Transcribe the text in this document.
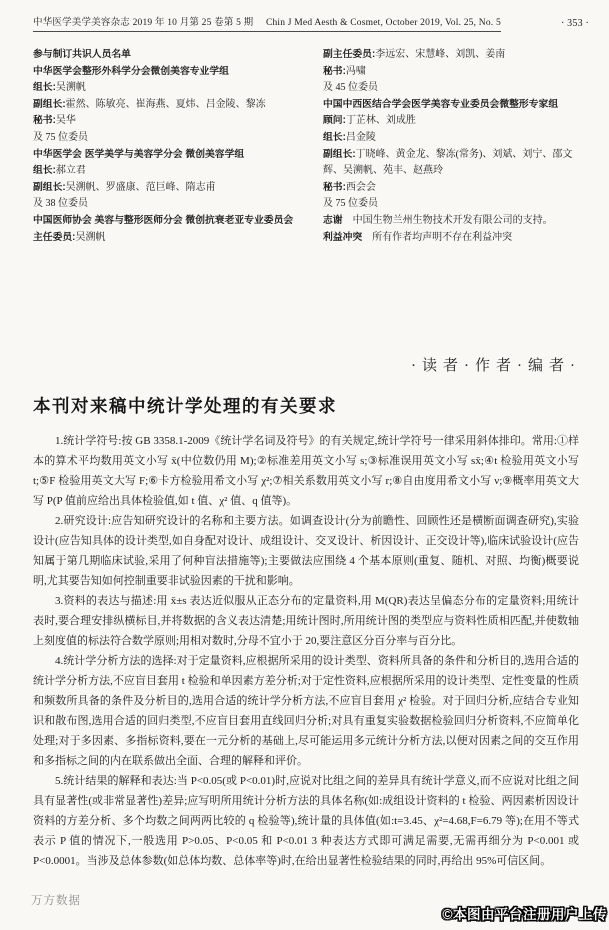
中华医学美学美容杂志 2019 年 10 月第 25 卷第 5 期 Chin J Med Aesth & Cosmet, October 2019, Vol. 25, No. 5	· 353 ·

参与制订共识人员名单

中华医学会整形外科学分会微创美容专业学组

组长:吴溯帆

副组长:霍然、陈敏亮、崔海燕、夏炜、吕金陵、黎冻

秘书:吴华

及 75 位委员

中华医学会 医学美学与美容学分会 微创美容学组

组长:郝立君

副组长:吴溯帆、罗盛康、范巨峰、隋志甫

及 38 位委员

中国医师协会 美容与整形医师分会 微创抗衰老亚专业委员会

主任委员:吴溯帆

副主任委员:李远宏、宋慧峰、刘凯、姜南

秘书:冯嘨

及 45 位委员

中国中西医结合学会医学美容专业委员会微整形专家组

顾问:丁芷林、刘成胜

组长:吕金陵

副组长:丁晓峰、黄金龙、黎冻(常务)、刘斌、刘宁、邵文辉、吴溯帆、苑丰、赵燕玲

秘书:西会会

及 75 位委员

志谢　中国生物兰州生物技术开发有限公司的支持。

利益冲突　所有作者均声明不存在利益冲突

·读者·作者·编者·
本刊对来稿中统计学处理的有关要求

1.统计学符号:按 GB 3358.1-2009《统计学名词及符号》的有关规定,统计学符号一律采用斜体排印。常用:①样本的算术平均数用英文小写 x̄(中位数仍用 M);②标准差用英文小写 s;③标准误用英文小写 sx̄;④t 检验用英文小写 t;⑤F 检验用英文大写 F;⑥卡方检验用希文小写 χ²;⑦相关系数用英文小写 r;⑧自由度用希文小写 ν;⑨概率用英文大写 P(P 值前应给出具体检验值,如 t 值、χ² 值、q 值等)。

2.研究设计:应告知研究设计的名称和主要方法。如调查设计(分为前瞻性、回顾性还是横断面调查研究),实验设计(应告知具体的设计类型,如自身配对设计、成组设计、交叉设计、析因设计、正交设计等),临床试验设计(应告知属于第几期临床试验,采用了何种盲法措施等);主要做法应围绕 4 个基本原则(重复、随机、对照、均衡)概要说明,尤其要告知如何控制重要非试验因素的干扰和影响。

3.资料的表达与描述:用 x̄±s 表达近似服从正态分布的定量资料,用 M(QR)表达呈偏态分布的定量资料;用统计表时,要合理安排纵横标目,并将数据的含义表达清楚;用统计图时,所用统计图的类型应与资料性质相匹配,并使数轴上刻度值的标法符合数学原则;用相对数时,分母不宜小于 20,要注意区分百分率与百分比。

4.统计学分析方法的选择:对于定量资料,应根据所采用的设计类型、资料所具备的条件和分析目的,选用合适的统计学分析方法,不应盲目套用 t 检验和单因素方差分析;对于定性资料,应根据所采用的设计类型、定性变量的性质和频数所具备的条件及分析目的,选用合适的统计学分析方法,不应盲目套用 χ² 检验。对于回归分析,应结合专业知识和散布图,选用合适的回归类型,不应盲目套用直线回归分析;对具有重复实验数据检验回归分析资料,不应简单化处理;对于多因素、多指标资料,要在一元分析的基础上,尽可能运用多元统计分析方法,以便对因素之间的交互作用和多指标之间的内在联系做出全面、合理的解释和评价。

5.统计结果的解释和表达:当 P<0.05(或 P<0.01)时,应说对比组之间的差异具有统计学意义,而不应说对比组之间具有显著性(或非常显著性)差异;应写明所用统计分析方法的具体名称(如:成组设计资料的 t 检验、两因素析因设计资料的方差分析、多个均数之间两两比较的 q 检验等),统计量的具体值(如:t=3.45、χ²=4.68,F=6.79 等);在用不等式表示 P 值的情况下,一般选用 P>0.05、P<0.05 和 P<0.01 3 种表达方式即可满足需要,无需再细分为 P<0.001 或 P<0.0001。当涉及总体参数(如总体均数、总体率等)时,在给出显著性检验结果的同时,再给出 95%可信区间。

万方数据
©本图由平台注册用户上传
